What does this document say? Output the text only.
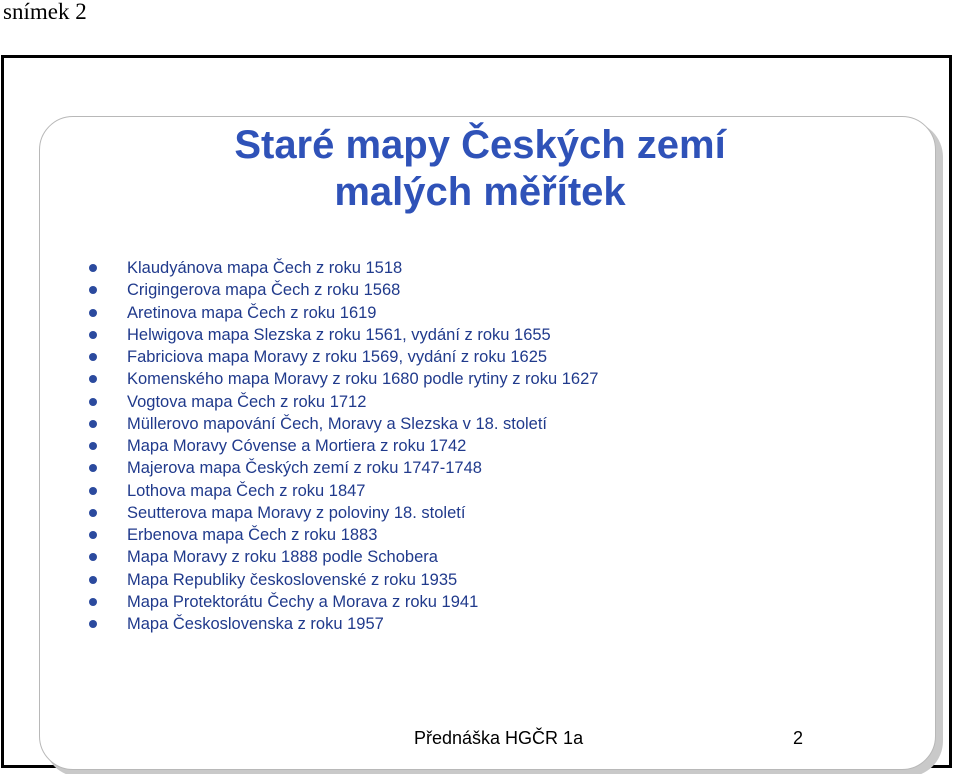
snímek 2
Staré mapy Českých zemí
malých měřítek
Klaudyánova mapa Čech z roku 1518
Crigingerova mapa Čech z roku 1568
Aretinova mapa Čech z roku 1619
Helwigova mapa Slezska z roku 1561, vydání z roku 1655
Fabriciova mapa Moravy z roku 1569, vydání z roku 1625
Komenského mapa Moravy z roku 1680 podle rytiny z roku 1627
Vogtova mapa Čech z roku 1712
Müllerovo mapování Čech, Moravy a Slezska v 18. století
Mapa Moravy Cóvense a Mortiera z roku 1742
Majerova mapa Českých zemí z roku 1747-1748
Lothova mapa Čech z roku 1847
Seutterova mapa Moravy z poloviny 18. století
Erbenova mapa Čech z roku 1883
Mapa Moravy z roku 1888 podle Schobera
Mapa Republiky československé z roku 1935
Mapa Protektorátu Čechy a Morava z roku 1941
Mapa Československa z roku 1957
Přednáška HGČR 1a	2
